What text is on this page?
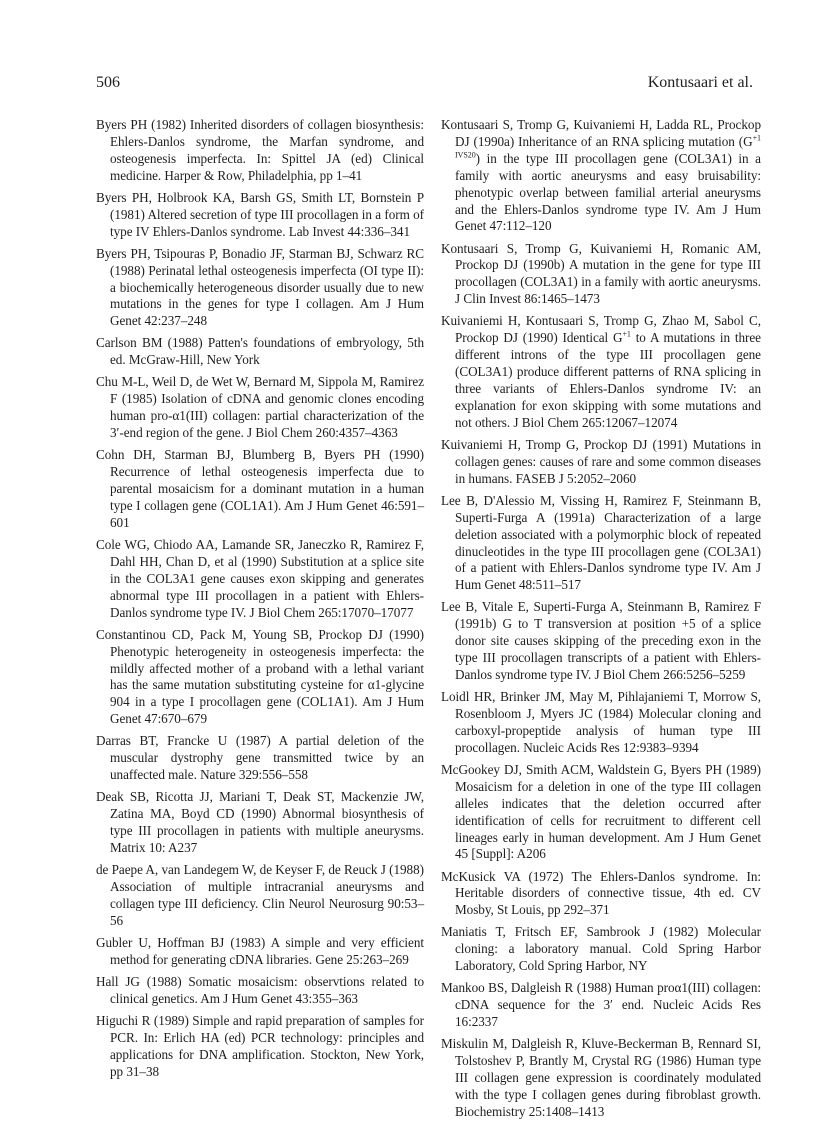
506	Kontusaari et al.

Byers PH (1982) Inherited disorders of collagen biosynthesis: Ehlers-Danlos syndrome, the Marfan syndrome, and osteogenesis imperfecta. In: Spittel JA (ed) Clinical medicine. Harper & Row, Philadelphia, pp 1–41

Byers PH, Holbrook KA, Barsh GS, Smith LT, Bornstein P (1981) Altered secretion of type III procollagen in a form of type IV Ehlers-Danlos syndrome. Lab Invest 44:336–341

Byers PH, Tsipouras P, Bonadio JF, Starman BJ, Schwarz RC (1988) Perinatal lethal osteogenesis imperfecta (OI type II): a biochemically heterogeneous disorder usually due to new mutations in the genes for type I collagen. Am J Hum Genet 42:237–248

Carlson BM (1988) Patten's foundations of embryology, 5th ed. McGraw-Hill, New York

Chu M-L, Weil D, de Wet W, Bernard M, Sippola M, Ramirez F (1985) Isolation of cDNA and genomic clones encoding human pro-α1(III) collagen: partial characterization of the 3′-end region of the gene. J Biol Chem 260:4357–4363

Cohn DH, Starman BJ, Blumberg B, Byers PH (1990) Recurrence of lethal osteogenesis imperfecta due to parental mosaicism for a dominant mutation in a human type I collagen gene (COL1A1). Am J Hum Genet 46:591–601

Cole WG, Chiodo AA, Lamande SR, Janeczko R, Ramirez F, Dahl HH, Chan D, et al (1990) Substitution at a splice site in the COL3A1 gene causes exon skipping and generates abnormal type III procollagen in a patient with Ehlers-Danlos syndrome type IV. J Biol Chem 265:17070–17077

Constantinou CD, Pack M, Young SB, Prockop DJ (1990) Phenotypic heterogeneity in osteogenesis imperfecta: the mildly affected mother of a proband with a lethal variant has the same mutation substituting cysteine for α1-glycine 904 in a type I procollagen gene (COL1A1). Am J Hum Genet 47:670–679

Darras BT, Francke U (1987) A partial deletion of the muscular dystrophy gene transmitted twice by an unaffected male. Nature 329:556–558

Deak SB, Ricotta JJ, Mariani T, Deak ST, Mackenzie JW, Zatina MA, Boyd CD (1990) Abnormal biosynthesis of type III procollagen in patients with multiple aneurysms. Matrix 10: A237

de Paepe A, van Landegem W, de Keyser F, de Reuck J (1988) Association of multiple intracranial aneurysms and collagen type III deficiency. Clin Neurol Neurosurg 90:53–56

Gubler U, Hoffman BJ (1983) A simple and very efficient method for generating cDNA libraries. Gene 25:263–269

Hall JG (1988) Somatic mosaicism: observtions related to clinical genetics. Am J Hum Genet 43:355–363

Higuchi R (1989) Simple and rapid preparation of samples for PCR. In: Erlich HA (ed) PCR technology: principles and applications for DNA amplification. Stockton, New York, pp 31–38

Kontusaari S, Tromp G, Kuivaniemi H, Ladda RL, Prockop DJ (1990a) Inheritance of an RNA splicing mutation $(G^{+1 IVS20})$ in the type III procollagen gene (COL3A1) in a family with aortic aneurysms and easy bruisability: phenotypic overlap between familial arterial aneurysms and the Ehlers-Danlos syndrome type IV. Am J Hum Genet 47:112–120

Kontusaari S, Tromp G, Kuivaniemi H, Romanic AM, Prockop DJ (1990b) A mutation in the gene for type III procollagen (COL3A1) in a family with aortic aneurysms. J Clin Invest 86:1465–1473

Kuivaniemi H, Kontusaari S, Tromp G, Zhao M, Sabol C, Prockop DJ (1990) Identical $G^{+1}$ to A mutations in three different introns of the type III procollagen gene (COL3A1) produce different patterns of RNA splicing in three variants of Ehlers-Danlos syndrome IV: an explanation for exon skipping with some mutations and not others. J Biol Chem 265:12067–12074

Kuivaniemi H, Tromp G, Prockop DJ (1991) Mutations in collagen genes: causes of rare and some common diseases in humans. FASEB J 5:2052–2060

Lee B, D'Alessio M, Vissing H, Ramirez F, Steinmann B, Superti-Furga A (1991a) Characterization of a large deletion associated with a polymorphic block of repeated dinucleotides in the type III procollagen gene (COL3A1) of a patient with Ehlers-Danlos syndrome type IV. Am J Hum Genet 48:511–517

Lee B, Vitale E, Superti-Furga A, Steinmann B, Ramirez F (1991b) G to T transversion at position +5 of a splice donor site causes skipping of the preceding exon in the type III procollagen transcripts of a patient with Ehlers-Danlos syndrome type IV. J Biol Chem 266:5256–5259

Loidl HR, Brinker JM, May M, Pihlajaniemi T, Morrow S, Rosenbloom J, Myers JC (1984) Molecular cloning and carboxyl-propeptide analysis of human type III procollagen. Nucleic Acids Res 12:9383–9394

McGookey DJ, Smith ACM, Waldstein G, Byers PH (1989) Mosaicism for a deletion in one of the type III collagen alleles indicates that the deletion occurred after identification of cells for recruitment to different cell lineages early in human development. Am J Hum Genet 45 [Suppl]: A206

McKusick VA (1972) The Ehlers-Danlos syndrome. In: Heritable disorders of connective tissue, 4th ed. CV Mosby, St Louis, pp 292–371

Maniatis T, Fritsch EF, Sambrook J (1982) Molecular cloning: a laboratory manual. Cold Spring Harbor Laboratory, Cold Spring Harbor, NY

Mankoo BS, Dalgleish R (1988) Human proα1(III) collagen: cDNA sequence for the 3′ end. Nucleic Acids Res 16:2337

Miskulin M, Dalgleish R, Kluve-Beckerman B, Rennard SI, Tolstoshev P, Brantly M, Crystal RG (1986) Human type III collagen gene expression is coordinately modulated with the type I collagen genes during fibroblast growth. Biochemistry 25:1408–1413
